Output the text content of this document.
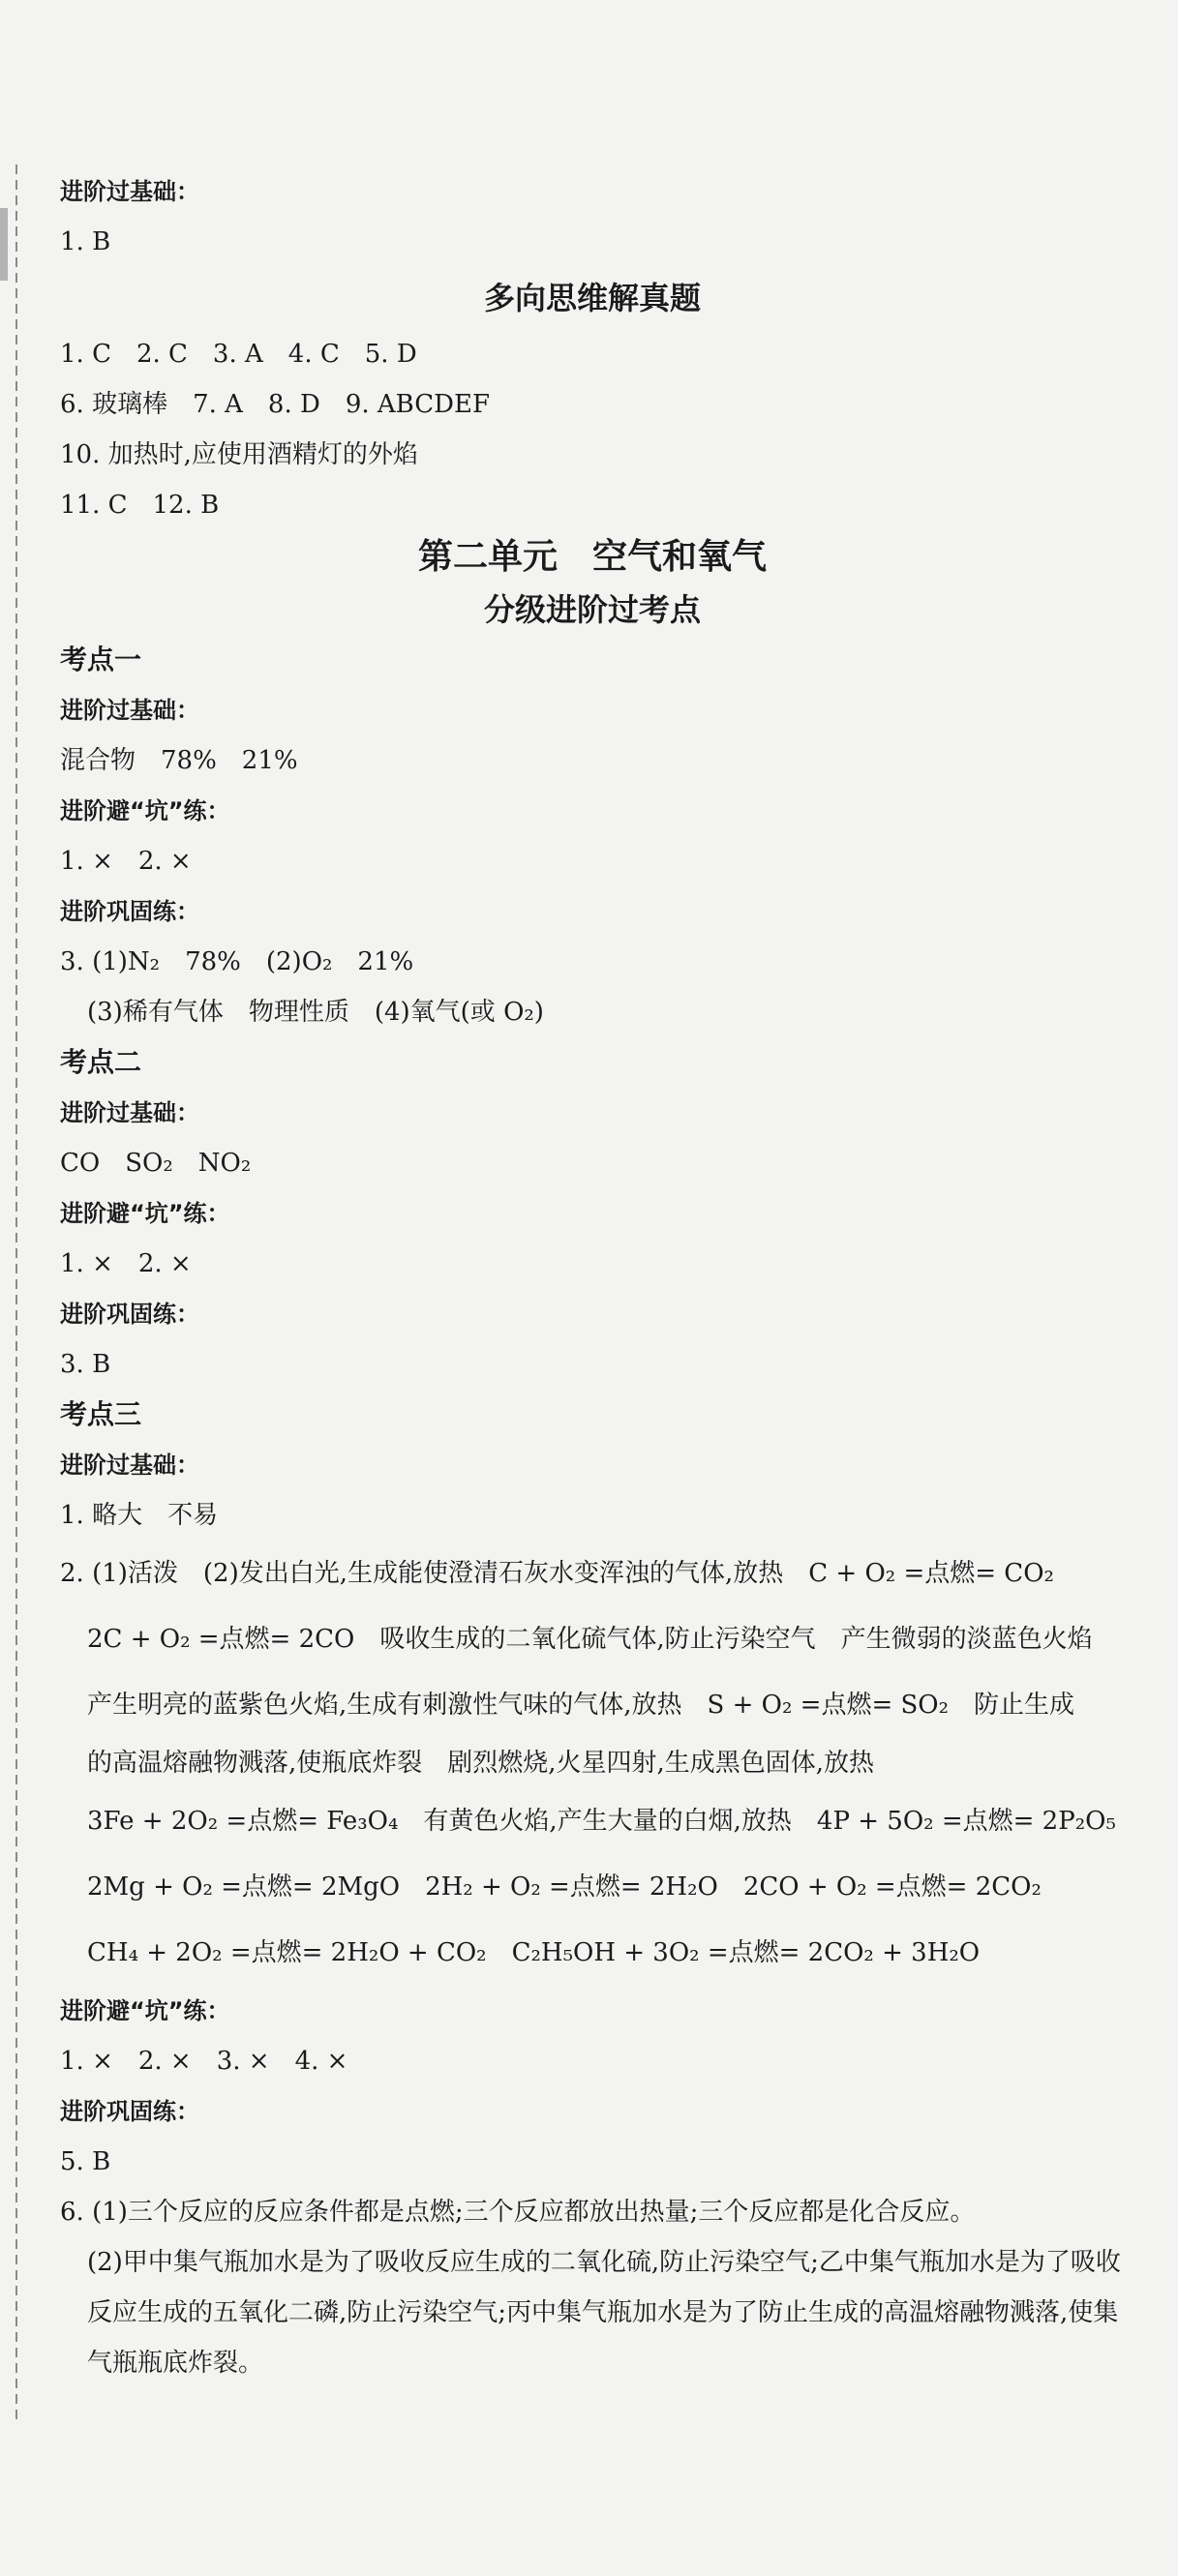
进阶过基础：
1. B
多向思维解真题
1. C　2. C　3. A　4. C　5. D
6. 玻璃棒　7. A　8. D　9. ABCDEF
10. 加热时,应使用酒精灯的外焰
11. C　12. B
第二单元　空气和氧气
分级进阶过考点
考点一
进阶过基础：
混合物　78%　21%
进阶避“坑”练：
1. ×　2. ×
进阶巩固练：
3. (1)N₂　78%　(2)O₂　21%
(3)稀有气体　物理性质　(4)氧气(或 O₂)
考点二
进阶过基础：
CO　SO₂　NO₂
进阶避“坑”练：
1. ×　2. ×
进阶巩固练：
3. B
考点三
进阶过基础：
1. 略大　不易
2. (1)活泼　(2)发出白光,生成能使澄清石灰水变浑浊的气体,放热　C + O₂ =点燃= CO₂
2C + O₂ =点燃= 2CO　吸收生成的二氧化硫气体,防止污染空气　产生微弱的淡蓝色火焰
产生明亮的蓝紫色火焰,生成有刺激性气味的气体,放热　S + O₂ =点燃= SO₂　防止生成
的高温熔融物溅落,使瓶底炸裂　剧烈燃烧,火星四射,生成黑色固体,放热
3Fe + 2O₂ =点燃= Fe₃O₄　有黄色火焰,产生大量的白烟,放热　4P + 5O₂ =点燃= 2P₂O₅
2Mg + O₂ =点燃= 2MgO　2H₂ + O₂ =点燃= 2H₂O　2CO + O₂ =点燃= 2CO₂
CH₄ + 2O₂ =点燃= 2H₂O + CO₂　C₂H₅OH + 3O₂ =点燃= 2CO₂ + 3H₂O
进阶避“坑”练：
1. ×　2. ×　3. ×　4. ×
进阶巩固练：
5. B
6. (1)三个反应的反应条件都是点燃;三个反应都放出热量;三个反应都是化合反应。
(2)甲中集气瓶加水是为了吸收反应生成的二氧化硫,防止污染空气;乙中集气瓶加水是为了吸收反应生成的五氧化二磷,防止污染空气;丙中集气瓶加水是为了防止生成的高温熔融物溅落,使集气瓶瓶底炸裂。
